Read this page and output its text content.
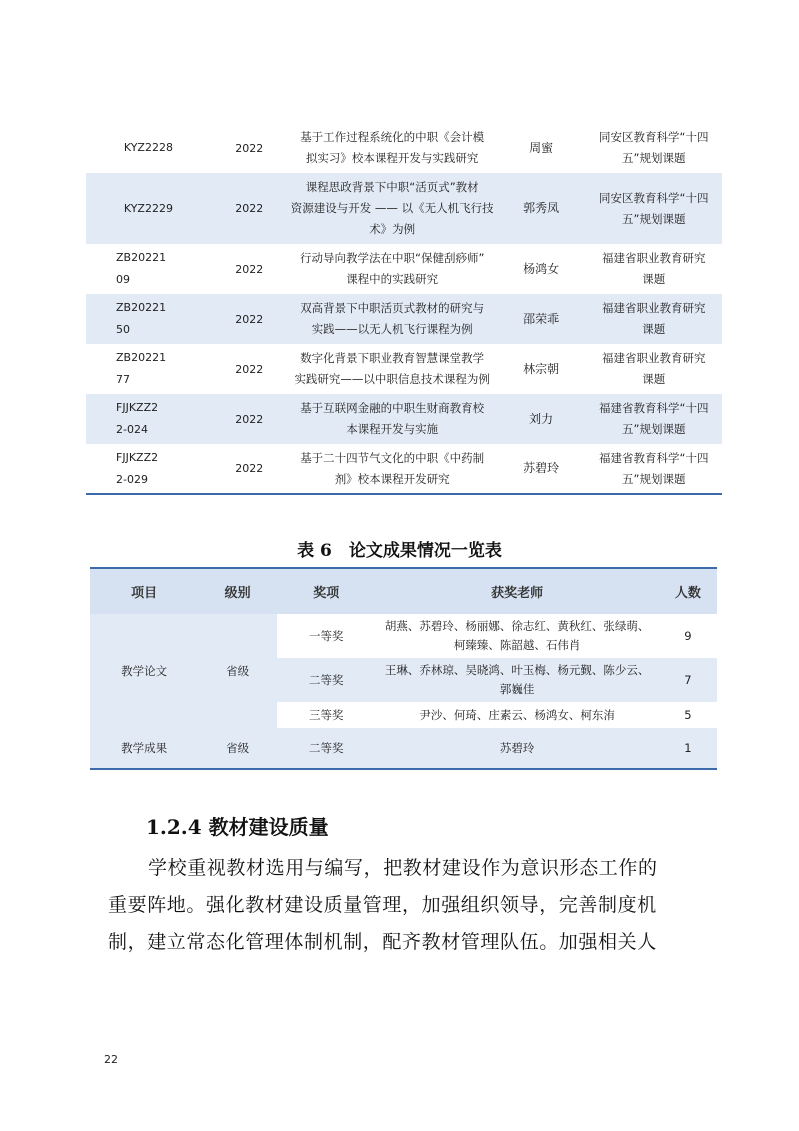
KYZ2228	2022	基于工作过程系统化的中职《会计模
拟实习》校本课程开发与实践研究	周蜜	同安区教育科学“十四
五”规划课题

KYZ2229	2022	课程思政背景下中职“活页式”教材
资源建设与开发 —— 以《无人机飞行技
术》为例	郭秀凤	同安区教育科学“十四
五”规划课题

ZB20221
09	2022	行动导向教学法在中职“保健刮痧师”
课程中的实践研究	杨鸿女	福建省职业教育研究
课题

ZB20221
50	2022	双高背景下中职活页式教材的研究与
实践——以无人机飞行课程为例	邵荣乖	福建省职业教育研究
课题

ZB20221
77	2022	数字化背景下职业教育智慧课堂教学
实践研究——以中职信息技术课程为例	林宗朝	福建省职业教育研究
课题

FJJKZZ2
2-024	2022	基于互联网金融的中职生财商教育校
本课程开发与实施	刘力	福建省教育科学“十四
五”规划课题

FJJKZZ2
2-029	2022	基于二十四节气文化的中职《中药制
剂》校本课程开发研究	苏碧玲	福建省教育科学“十四
五”规划课题
表 6　论文成果情况一览表
项目	级别	奖项	获奖老师	人数
教学论文	省级	一等奖	胡燕、苏碧玲、杨丽娜、徐志红、黄秋红、张绿萌、
柯臻臻、陈韶越、石伟肖	9
		二等奖	王琳、乔林琼、吴晓鸿、叶玉梅、杨元觐、陈少云、
郭巍佳	7
		三等奖	尹沙、何琦、庄素云、杨鸿女、柯东洧	5
教学成果	省级	二等奖	苏碧玲	1
1.2.4 教材建设质量
学校重视教材选用与编写，把教材建设作为意识形态工作的
重要阵地。强化教材建设质量管理，加强组织领导，完善制度机
制，建立常态化管理体制机制，配齐教材管理队伍。加强相关人
22
